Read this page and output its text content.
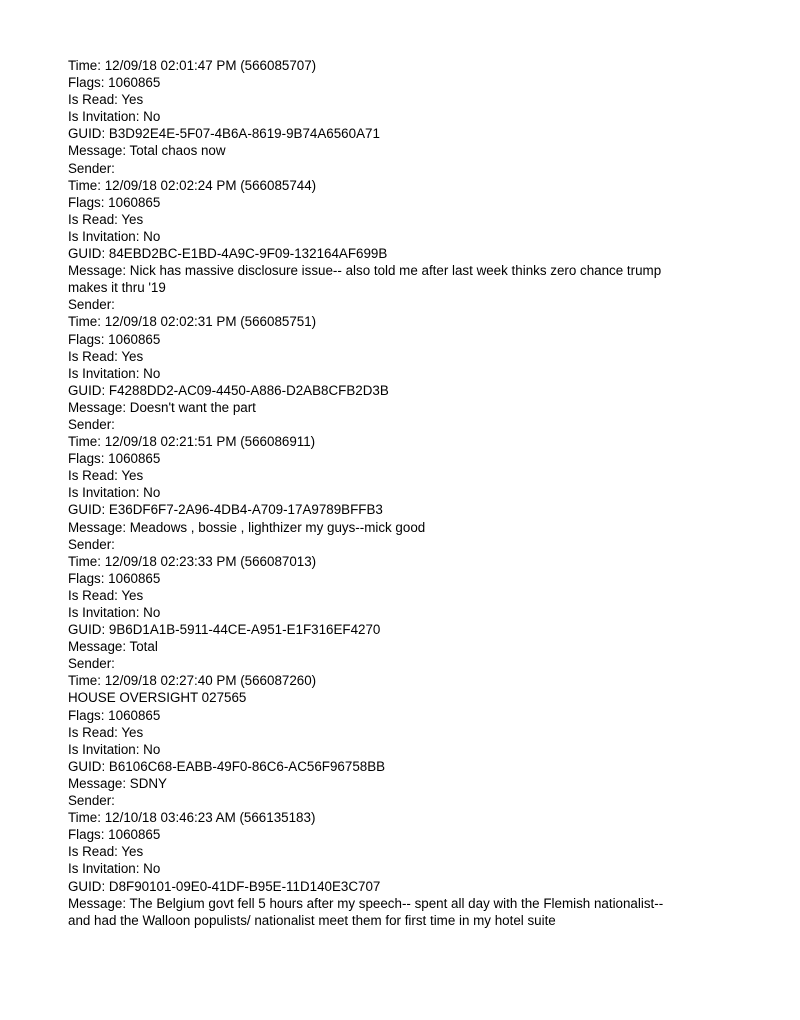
Time: 12/09/18 02:01:47 PM (566085707)
Flags: 1060865
Is Read: Yes
Is Invitation: No
GUID: B3D92E4E-5F07-4B6A-8619-9B74A6560A71
Message: Total chaos now
Sender:
Time: 12/09/18 02:02:24 PM (566085744)
Flags: 1060865
Is Read: Yes
Is Invitation: No
GUID: 84EBD2BC-E1BD-4A9C-9F09-132164AF699B
Message: Nick has massive disclosure issue-- also told me after last week thinks zero chance trump makes it thru '19
Sender:
Time: 12/09/18 02:02:31 PM (566085751)
Flags: 1060865
Is Read: Yes
Is Invitation: No
GUID: F4288DD2-AC09-4450-A886-D2AB8CFB2D3B
Message: Doesn't want the part
Sender:
Time: 12/09/18 02:21:51 PM (566086911)
Flags: 1060865
Is Read: Yes
Is Invitation: No
GUID: E36DF6F7-2A96-4DB4-A709-17A9789BFFB3
Message: Meadows , bossie , lighthizer my guys--mick good
Sender:
Time: 12/09/18 02:23:33 PM (566087013)
Flags: 1060865
Is Read: Yes
Is Invitation: No
GUID: 9B6D1A1B-5911-44CE-A951-E1F316EF4270
Message: Total
Sender:
Time: 12/09/18 02:27:40 PM (566087260)
HOUSE OVERSIGHT 027565
Flags: 1060865
Is Read: Yes
Is Invitation: No
GUID: B6106C68-EABB-49F0-86C6-AC56F96758BB
Message: SDNY
Sender:
Time: 12/10/18 03:46:23 AM (566135183)
Flags: 1060865
Is Read: Yes
Is Invitation: No
GUID: D8F90101-09E0-41DF-B95E-11D140E3C707
Message: The Belgium govt fell 5 hours after my speech-- spent all day with the Flemish nationalist-- and had the Walloon populists/ nationalist meet them for first time in my hotel suite
